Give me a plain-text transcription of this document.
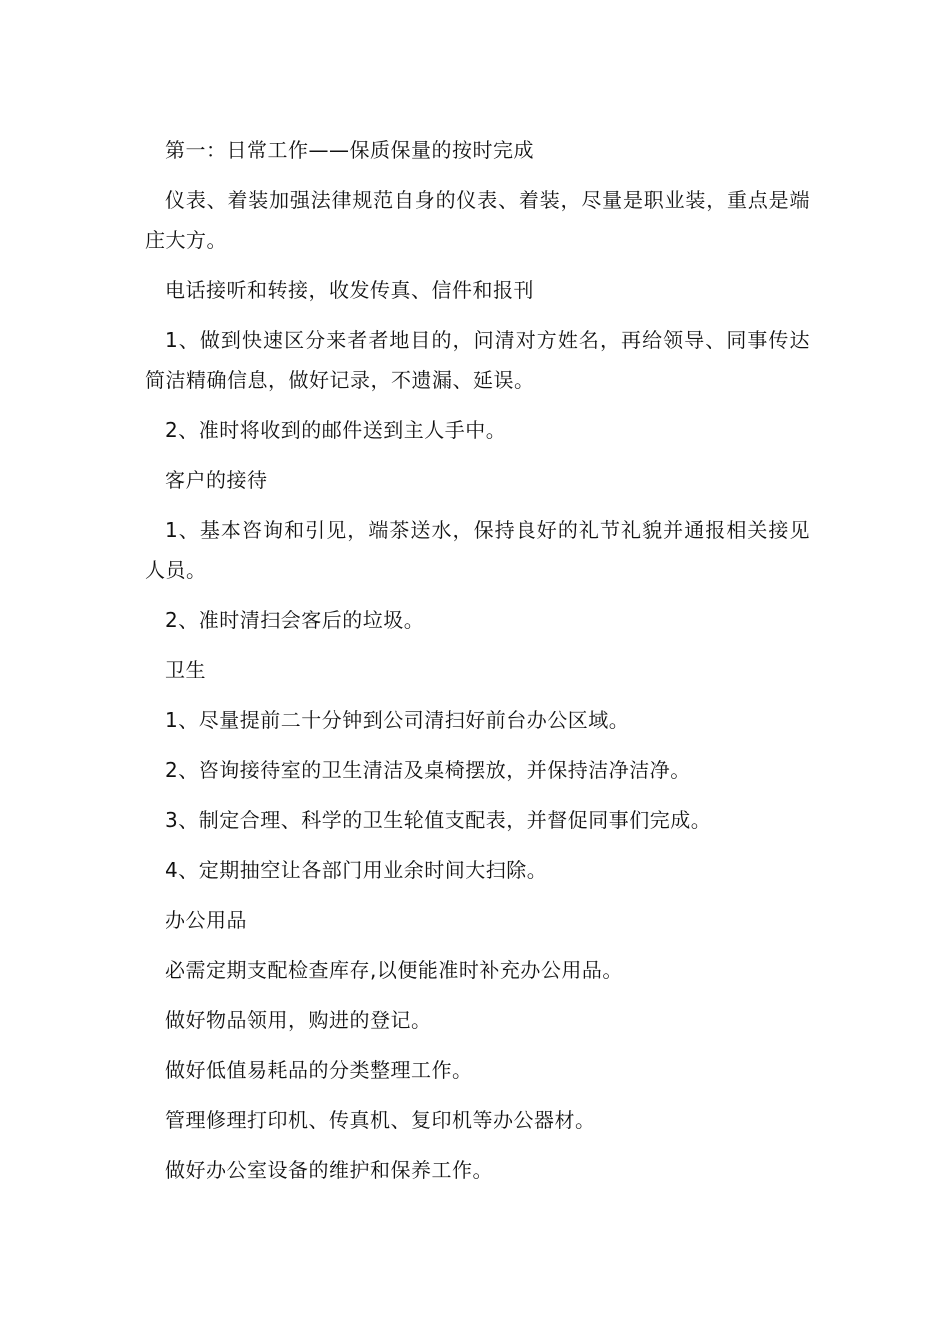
第一：日常工作——保质保量的按时完成

仪表、着装加强法律规范自身的仪表、着装，尽量是职业装，重点是端庄大方。

电话接听和转接，收发传真、信件和报刊

1、做到快速区分来者者地目的，问清对方姓名，再给领导、同事传达简洁精确信息，做好记录，不遗漏、延误。

2、准时将收到的邮件送到主人手中。

客户的接待

1、基本咨询和引见，端茶送水，保持良好的礼节礼貌并通报相关接见人员。

2、准时清扫会客后的垃圾。

卫生

1、尽量提前二十分钟到公司清扫好前台办公区域。

2、咨询接待室的卫生清洁及桌椅摆放，并保持洁净洁净。

3、制定合理、科学的卫生轮值支配表，并督促同事们完成。

4、定期抽空让各部门用业余时间大扫除。

办公用品

必需定期支配检查库存,以便能准时补充办公用品。

做好物品领用，购进的登记。

做好低值易耗品的分类整理工作。

管理修理打印机、传真机、复印机等办公器材。

做好办公室设备的维护和保养工作。
